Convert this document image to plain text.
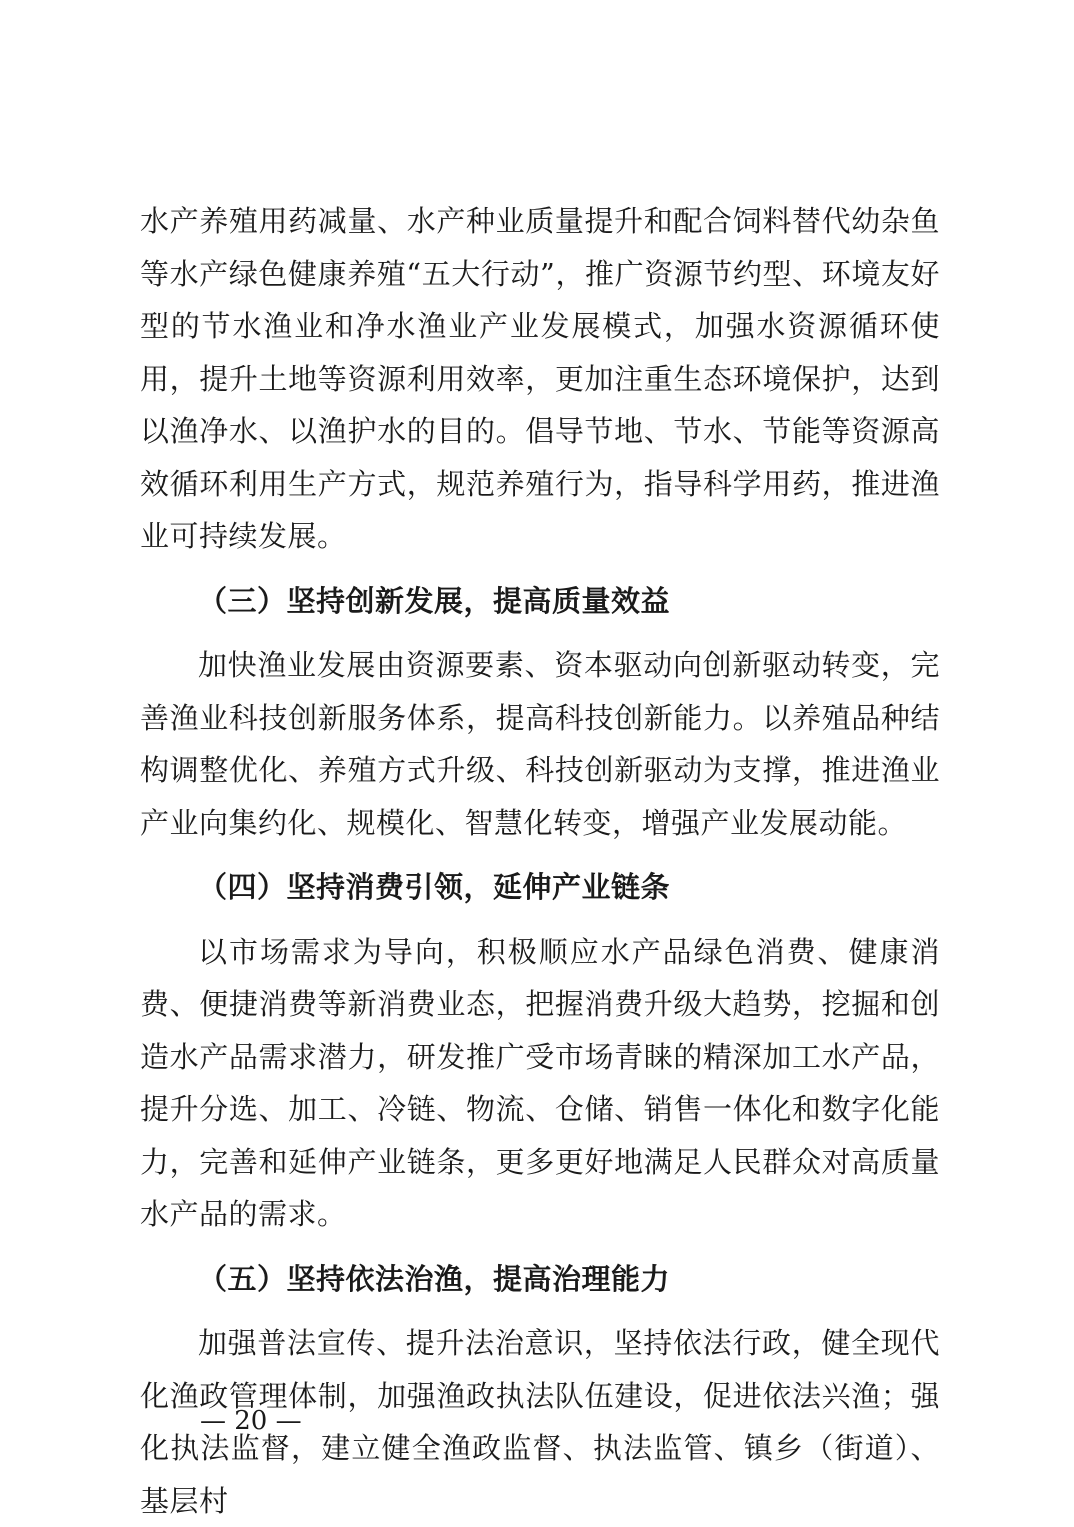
水产养殖用药减量、水产种业质量提升和配合饲料替代幼杂鱼等水产绿色健康养殖“五大行动”，推广资源节约型、环境友好型的节水渔业和净水渔业产业发展模式，加强水资源循环使用，提升土地等资源利用效率，更加注重生态环境保护，达到以渔净水、以渔护水的目的。倡导节地、节水、节能等资源高效循环利用生产方式，规范养殖行为，指导科学用药，推进渔业可持续发展。

（三）坚持创新发展，提高质量效益

加快渔业发展由资源要素、资本驱动向创新驱动转变，完善渔业科技创新服务体系，提高科技创新能力。以养殖品种结构调整优化、养殖方式升级、科技创新驱动为支撑，推进渔业产业向集约化、规模化、智慧化转变，增强产业发展动能。

（四）坚持消费引领，延伸产业链条

以市场需求为导向，积极顺应水产品绿色消费、健康消费、便捷消费等新消费业态，把握消费升级大趋势，挖掘和创造水产品需求潜力，研发推广受市场青睐的精深加工水产品，提升分选、加工、冷链、物流、仓储、销售一体化和数字化能力，完善和延伸产业链条，更多更好地满足人民群众对高质量水产品的需求。

（五）坚持依法治渔，提高治理能力

加强普法宣传、提升法治意识，坚持依法行政，健全现代化渔政管理体制，加强渔政执法队伍建设，促进依法兴渔；强化执法监督，建立健全渔政监督、执法监管、镇乡（街道）、基层村

— 20 —
